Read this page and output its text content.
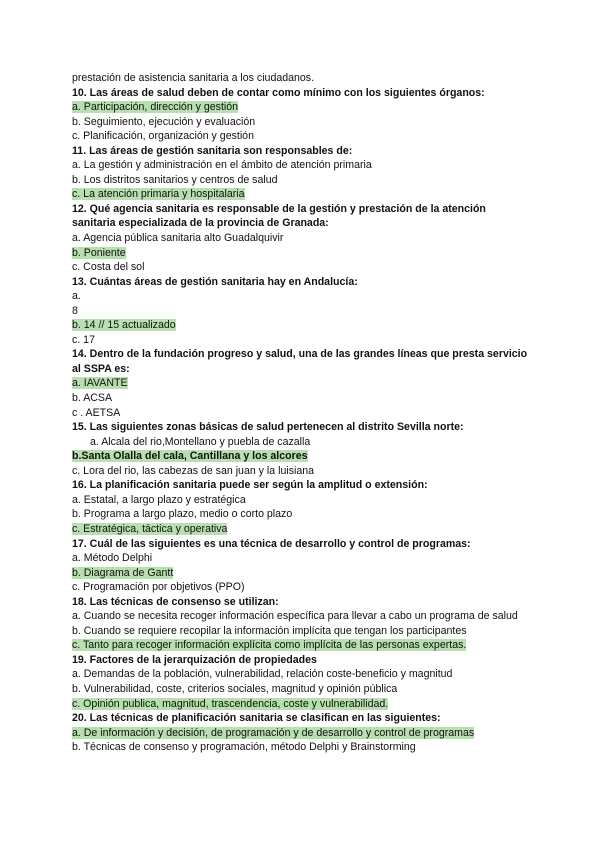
prestación de asistencia sanitaria a los ciudadanos.
10. Las áreas de salud deben de contar como mínimo con los siguientes órganos:
a. Participación, dirección y gestión
b. Seguimiento, ejecución y evaluación
c. Planificación, organización y gestión
11. Las áreas de gestión sanitaria son responsables de:
a. La gestión y administración en el ámbito de atención primaria
b. Los distritos sanitarios y centros de salud
c. La atención primaria y hospitalaria
12. Qué agencia sanitaria es responsable de la gestión y prestación de la atención sanitaria especializada de la provincia de Granada:
a. Agencia pública sanitaria alto Guadalquivir
b. Poniente
c. Costa del sol
13. Cuántas áreas de gestión sanitaria hay en Andalucía:
a.
8
b. 14 // 15 actualizado
c. 17
14. Dentro de la fundación progreso y salud, una de las grandes líneas que presta servicio al SSPA es:
a. IAVANTE
b. ACSA
c . AETSA
15. Las siguientes zonas básicas de salud pertenecen al distrito Sevilla norte:
a. Alcala del rio,Montellano y puebla de cazalla
b.Santa Olalla del cala, Cantillana y los alcores
c. Lora del rio, las cabezas de san juan y la luisiana
16. La planificación sanitaria puede ser según la amplitud o extensión:
a. Estatal, a largo plazo y estratégica
b. Programa a largo plazo, medio o corto plazo
c. Estratégica, táctica y operativa
17. Cuál de las siguientes es una técnica de desarrollo y control de programas:
a. Método Delphi
b. Diagrama de Gantt
c. Programación por objetivos (PPO)
18. Las técnicas de consenso se utilizan:
a. Cuando se necesita recoger información específica para llevar a cabo un programa de salud
b. Cuando se requiere recopilar la información implícita que tengan los participantes
c. Tanto para recoger información explícita como implícita de las personas expertas.
19. Factores de la jerarquización de propiedades
a. Demandas de la población, vulnerabilidad, relación coste-beneficio y magnitud
b. Vulnerabilidad, coste, criterios sociales, magnitud y opinión pública
c. Opinión publica, magnitud, trascendencia, coste y vulnerabilidad.
20. Las técnicas de planificación sanitaria se clasifican en las siguientes:
a. De información y decisión, de programación y de desarrollo y control de programas
b. Técnicas de consenso y programación, método Delphi y Brainstorming
